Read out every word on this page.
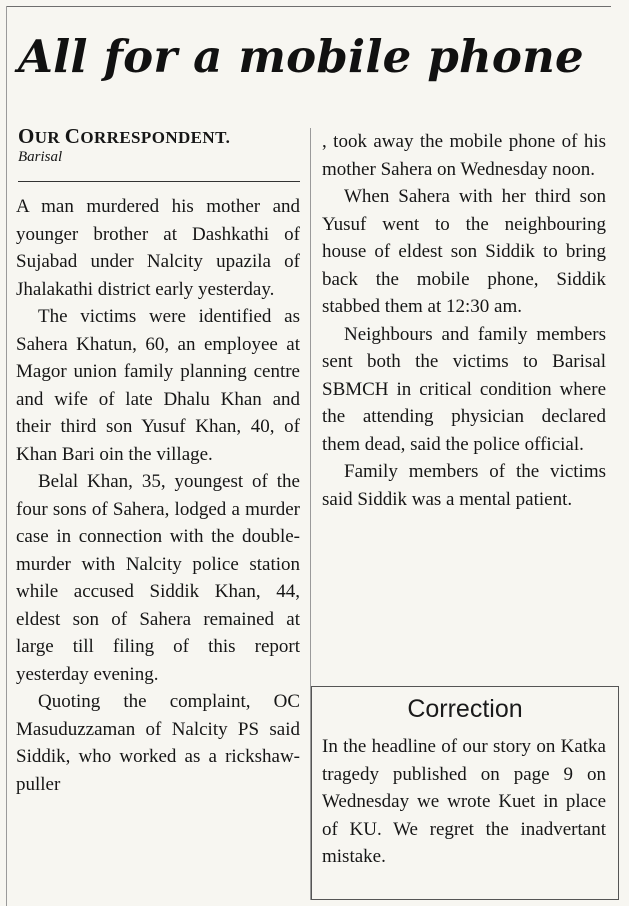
All for a mobile phone
OUR CORRESPONDENT.
Barisal

A man murdered his mother and younger brother at Dashkathi of Sujabad under Nalcity upazila of Jhalakathi district early yesterday.

The victims were identified as Sahera Khatun, 60, an employee at Magor union family planning centre and wife of late Dhalu Khan and their third son Yusuf Khan, 40, of Khan Bari oin the village.

Belal Khan, 35, youngest of the four sons of Sahera, lodged a murder case in connection with the double-murder with Nalcity police station while accused Siddik Khan, 44, eldest son of Sahera remained at large till filing of this report yesterday evening.

Quoting the complaint, OC Masuduzzaman of Nalcity PS said Siddik, who worked as a rickshaw-puller

, took away the mobile phone of his mother Sahera on Wednesday noon.

When Sahera with her third son Yusuf went to the neighbouring house of eldest son Siddik to bring back the mobile phone, Siddik stabbed them at 12:30 am.

Neighbours and family members sent both the victims to Barisal SBMCH in critical condition where the attending physician declared them dead, said the police official.

Family members of the victims said Siddik was a mental patient.

Correction
In the headline of our story on Katka tragedy published on page 9 on Wednesday we wrote Kuet in place of KU. We regret the inadvertant mistake.
